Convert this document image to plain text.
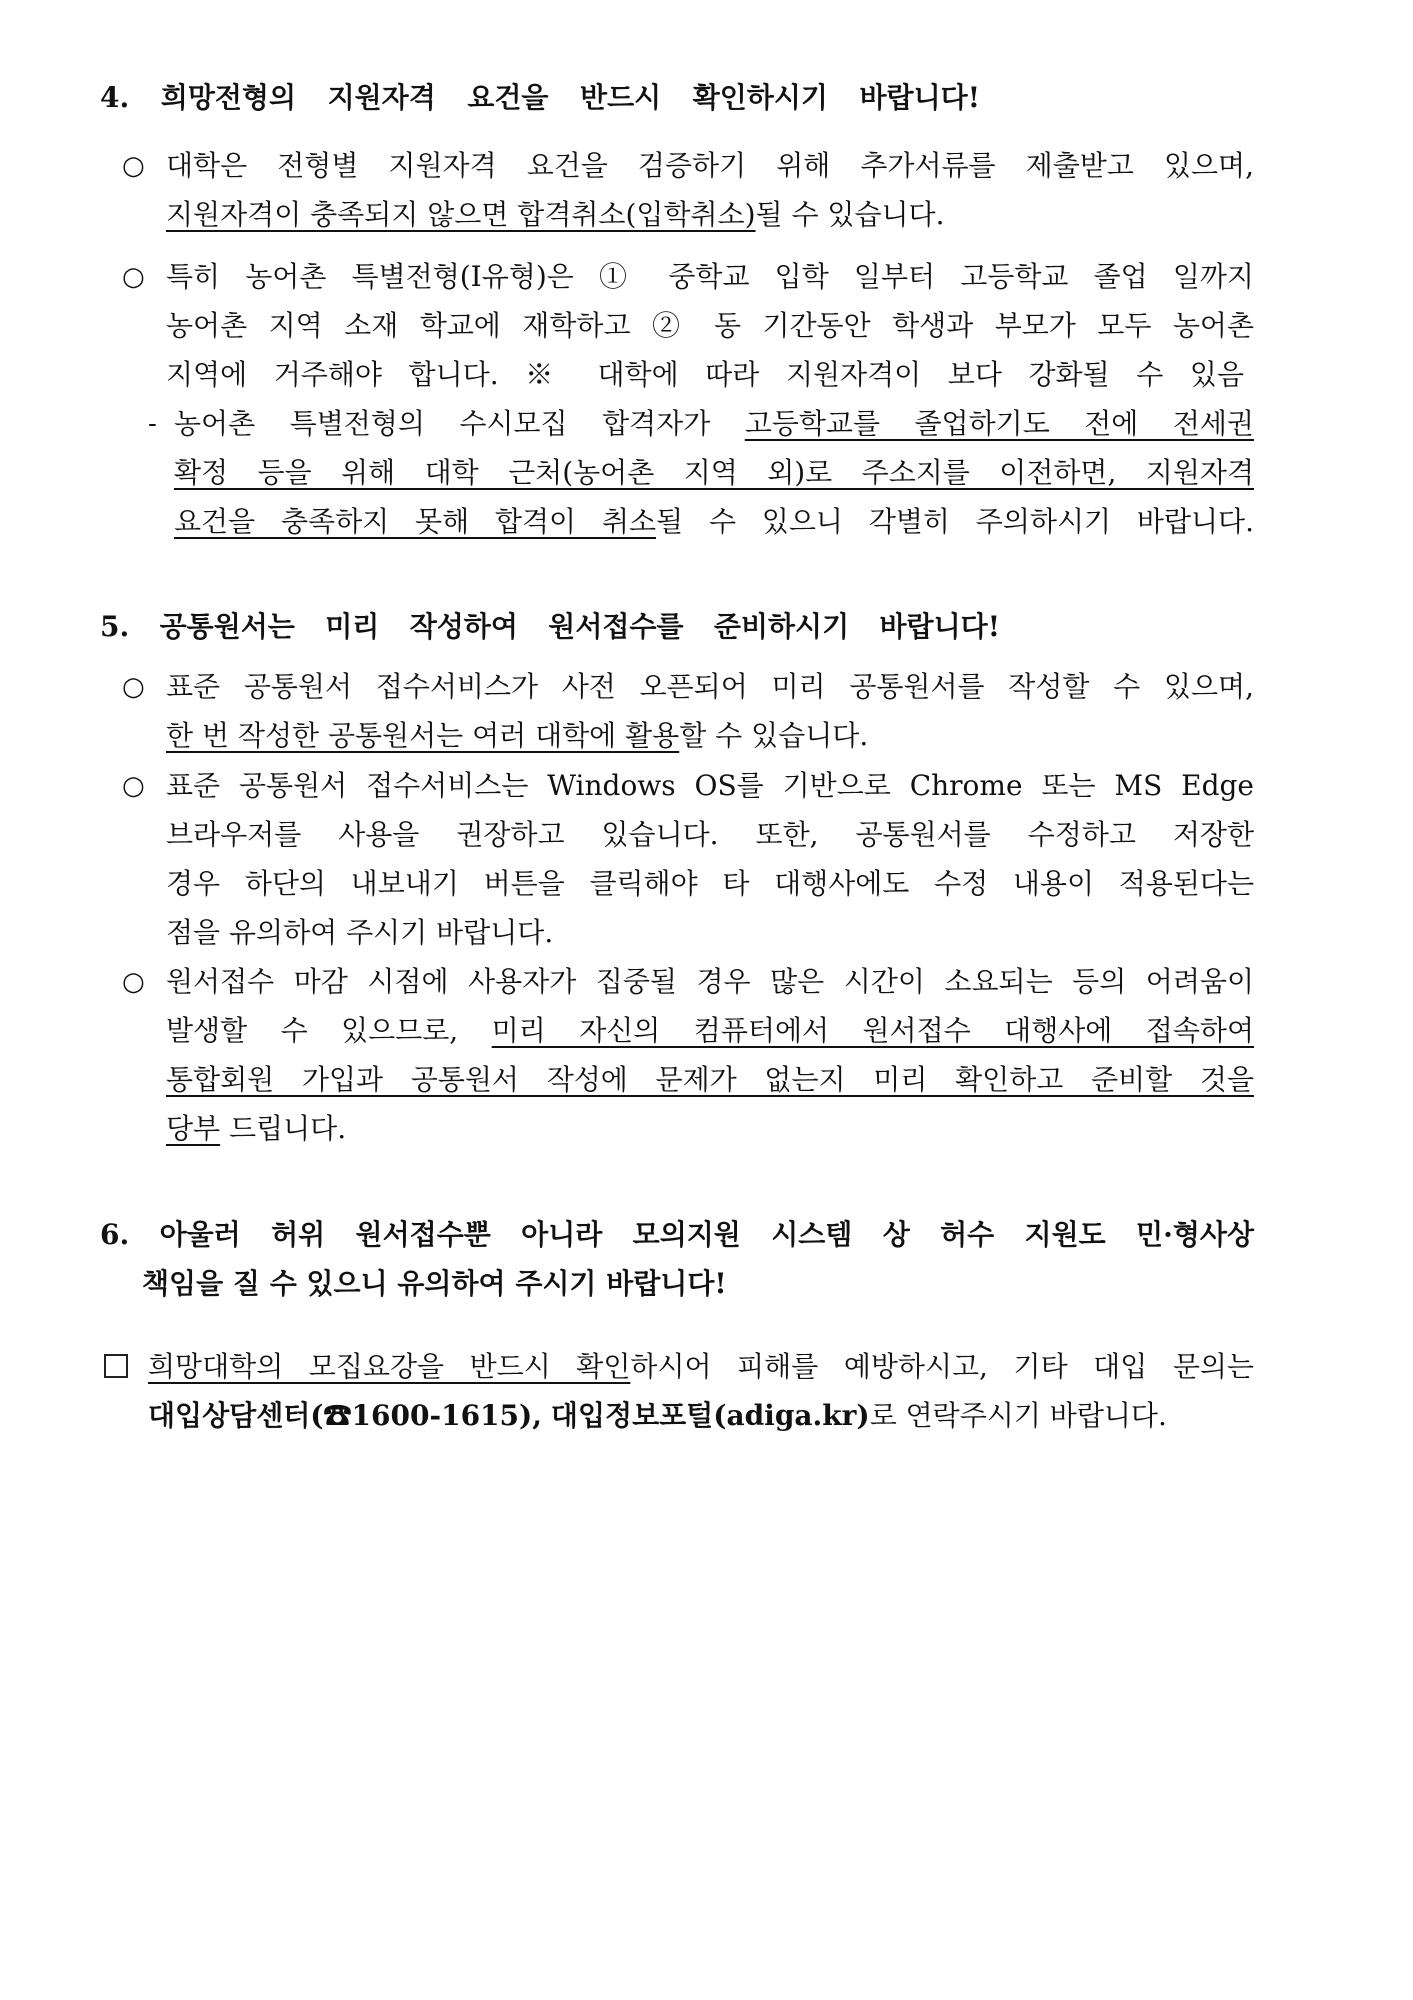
4. 희망전형의 지원자격 요건을 반드시 확인하시기 바랍니다!
○ 대학은 전형별 지원자격 요건을 검증하기 위해 추가서류를 제출받고 있으며,
지원자격이 충족되지 않으면 합격취소(입학취소)될 수 있습니다.
○ 특히 농어촌 특별전형(I유형)은 ① 중학교 입학 일부터 고등학교 졸업 일까지
농어촌 지역 소재 학교에 재학하고 ② 동 기간동안 학생과 부모가 모두 농어촌
지역에 거주해야 합니다. ※ 대학에 따라 지원자격이 보다 강화될 수 있음
- 농어촌 특별전형의 수시모집 합격자가 고등학교를 졸업하기도 전에 전세권
확정 등을 위해 대학 근처(농어촌 지역 외)로 주소지를 이전하면, 지원자격
요건을 충족하지 못해 합격이 취소될 수 있으니 각별히 주의하시기 바랍니다.
5. 공통원서는 미리 작성하여 원서접수를 준비하시기 바랍니다!
○ 표준 공통원서 접수서비스가 사전 오픈되어 미리 공통원서를 작성할 수 있으며,
한 번 작성한 공통원서는 여러 대학에 활용할 수 있습니다.
○ 표준 공통원서 접수서비스는 Windows OS를 기반으로 Chrome 또는 MS Edge
브라우저를 사용을 권장하고 있습니다. 또한, 공통원서를 수정하고 저장한
경우 하단의 내보내기 버튼을 클릭해야 타 대행사에도 수정 내용이 적용된다는
점을 유의하여 주시기 바랍니다.
○ 원서접수 마감 시점에 사용자가 집중될 경우 많은 시간이 소요되는 등의 어려움이
발생할 수 있으므로, 미리 자신의 컴퓨터에서 원서접수 대행사에 접속하여
통합회원 가입과 공통원서 작성에 문제가 없는지 미리 확인하고 준비할 것을
당부 드립니다.
6. 아울러 허위 원서접수뿐 아니라 모의지원 시스템 상 허수 지원도 민·형사상
책임을 질 수 있으니 유의하여 주시기 바랍니다!
희망대학의 모집요강을 반드시 확인하시어 피해를 예방하시고, 기타 대입 문의는
대입상담센터(☎1600-1615), 대입정보포털(adiga.kr)로 연락주시기 바랍니다.
